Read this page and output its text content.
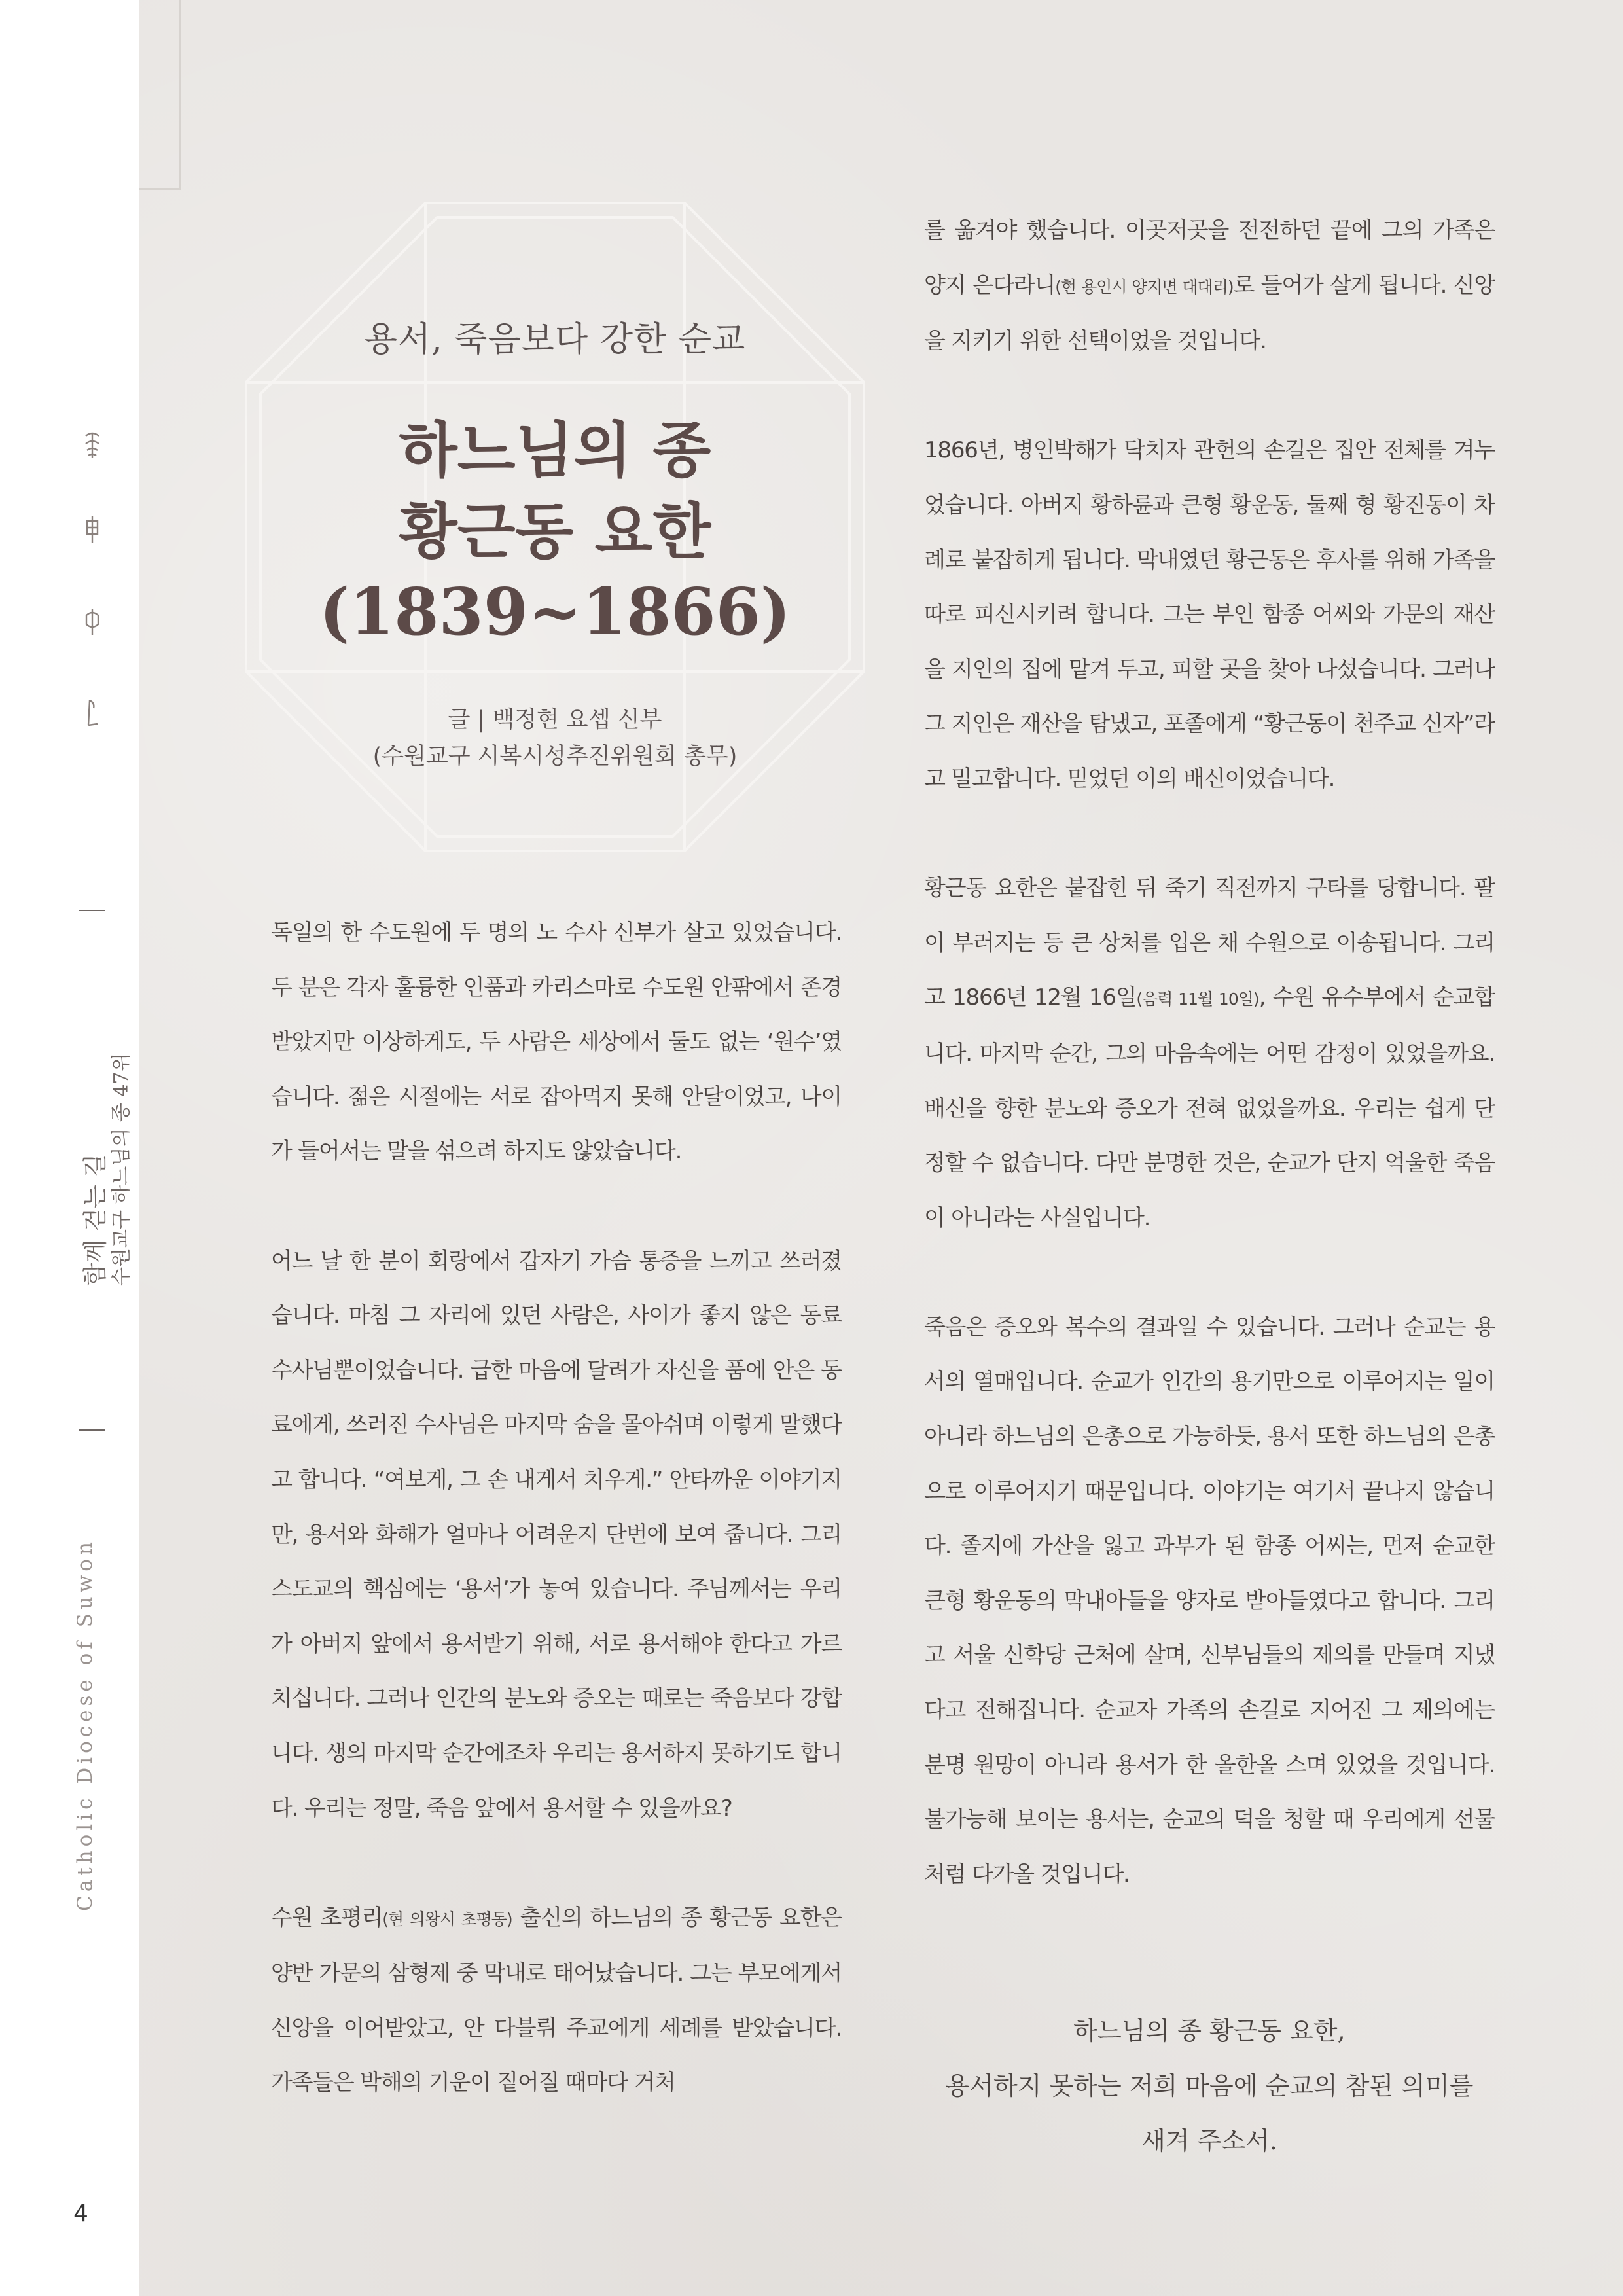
함께 걷는 길 수원교구 하느님의 종 47위
Catholic Diocese of Suwon
4
용서, 죽음보다 강한 순교
하느님의 종
황근동 요한
(1839~1866)
글 | 백정현 요셉 신부
(수원교구 시복시성추진위원회 총무)

독일의 한 수도원에 두 명의 노 수사 신부가 살고 있었습니다. 두 분은 각자 훌륭한 인품과 카리스마로 수도원 안팎에서 존경받았지만 이상하게도, 두 사람은 세상에서 둘도 없는 ‘원수’였습니다. 젊은 시절에는 서로 잡아먹지 못해 안달이었고, 나이가 들어서는 말을 섞으려 하지도 않았습니다.

어느 날 한 분이 회랑에서 갑자기 가슴 통증을 느끼고 쓰러졌습니다. 마침 그 자리에 있던 사람은, 사이가 좋지 않은 동료 수사님뿐이었습니다. 급한 마음에 달려가 자신을 품에 안은 동료에게, 쓰러진 수사님은 마지막 숨을 몰아쉬며 이렇게 말했다고 합니다. “여보게, 그 손 내게서 치우게.” 안타까운 이야기지만, 용서와 화해가 얼마나 어려운지 단번에 보여 줍니다. 그리스도교의 핵심에는 ‘용서’가 놓여 있습니다. 주님께서는 우리가 아버지 앞에서 용서받기 위해, 서로 용서해야 한다고 가르치십니다. 그러나 인간의 분노와 증오는 때로는 죽음보다 강합니다. 생의 마지막 순간에조차 우리는 용서하지 못하기도 합니다. 우리는 정말, 죽음 앞에서 용서할 수 있을까요?

수원 초평리(현 의왕시 초평동) 출신의 하느님의 종 황근동 요한은 양반 가문의 삼형제 중 막내로 태어났습니다. 그는 부모에게서 신앙을 이어받았고, 안 다블뤼 주교에게 세례를 받았습니다. 가족들은 박해의 기운이 짙어질 때마다 거처

를 옮겨야 했습니다. 이곳저곳을 전전하던 끝에 그의 가족은 양지 은다라니(현 용인시 양지면 대대리)로 들어가 살게 됩니다. 신앙을 지키기 위한 선택이었을 것입니다.

1866년, 병인박해가 닥치자 관헌의 손길은 집안 전체를 겨누었습니다. 아버지 황하륜과 큰형 황운동, 둘째 형 황진동이 차례로 붙잡히게 됩니다. 막내였던 황근동은 후사를 위해 가족을 따로 피신시키려 합니다. 그는 부인 함종 어씨와 가문의 재산을 지인의 집에 맡겨 두고, 피할 곳을 찾아 나섰습니다. 그러나 그 지인은 재산을 탐냈고, 포졸에게 “황근동이 천주교 신자”라고 밀고합니다. 믿었던 이의 배신이었습니다.

황근동 요한은 붙잡힌 뒤 죽기 직전까지 구타를 당합니다. 팔이 부러지는 등 큰 상처를 입은 채 수원으로 이송됩니다. 그리고 1866년 12월 16일(음력 11월 10일), 수원 유수부에서 순교합니다. 마지막 순간, 그의 마음속에는 어떤 감정이 있었을까요. 배신을 향한 분노와 증오가 전혀 없었을까요. 우리는 쉽게 단정할 수 없습니다. 다만 분명한 것은, 순교가 단지 억울한 죽음이 아니라는 사실입니다.

죽음은 증오와 복수의 결과일 수 있습니다. 그러나 순교는 용서의 열매입니다. 순교가 인간의 용기만으로 이루어지는 일이 아니라 하느님의 은총으로 가능하듯, 용서 또한 하느님의 은총으로 이루어지기 때문입니다. 이야기는 여기서 끝나지 않습니다. 졸지에 가산을 잃고 과부가 된 함종 어씨는, 먼저 순교한 큰형 황운동의 막내아들을 양자로 받아들였다고 합니다. 그리고 서울 신학당 근처에 살며, 신부님들의 제의를 만들며 지냈다고 전해집니다. 순교자 가족의 손길로 지어진 그 제의에는 분명 원망이 아니라 용서가 한 올한올 스며 있었을 것입니다. 불가능해 보이는 용서는, 순교의 덕을 청할 때 우리에게 선물처럼 다가올 것입니다.

하느님의 종 황근동 요한,
용서하지 못하는 저희 마음에 순교의 참된 의미를
새겨 주소서.
